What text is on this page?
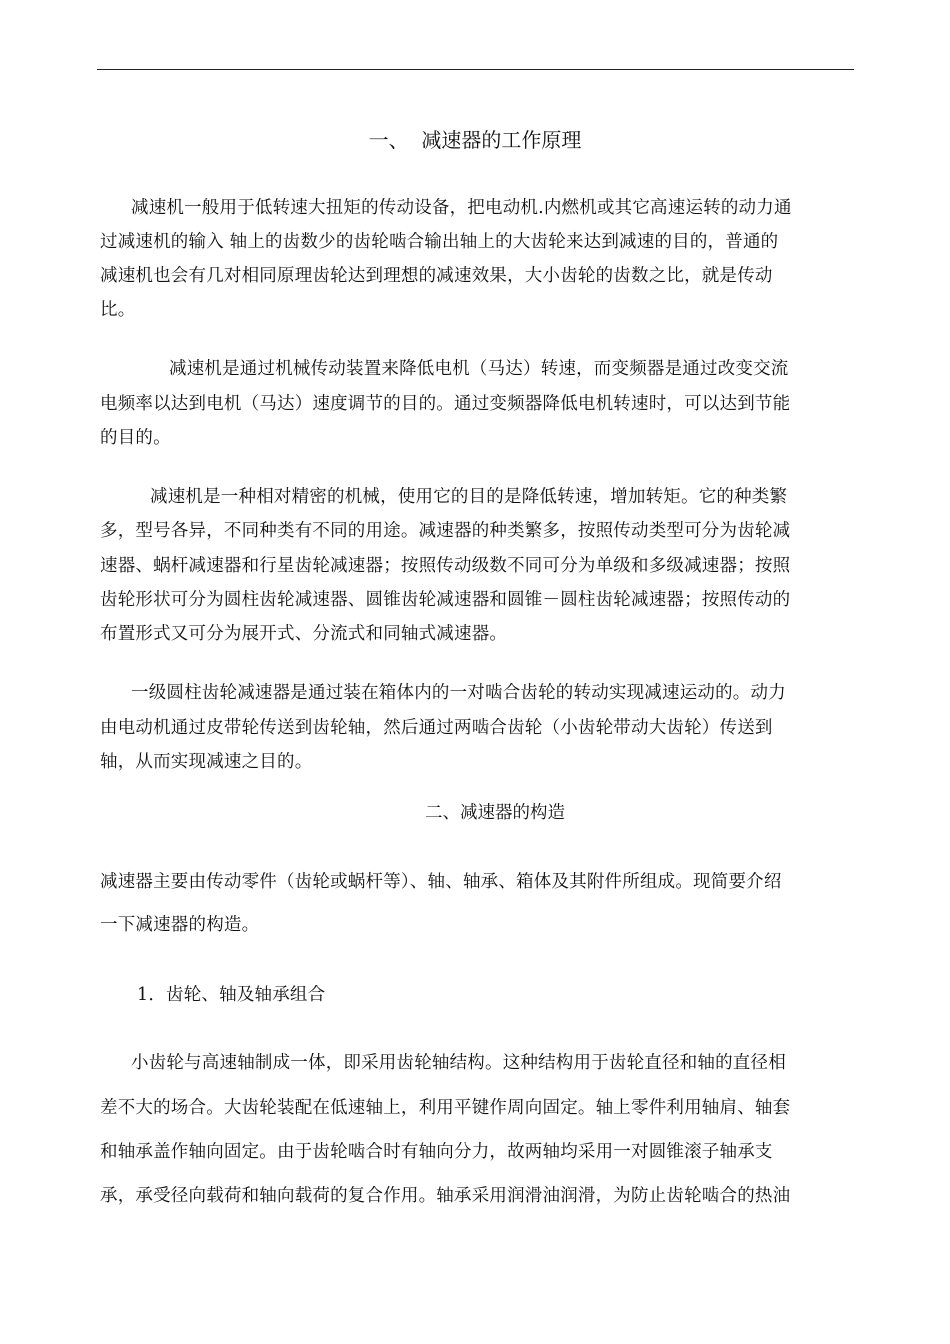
一、  减速器的工作原理
减速机一般用于低转速大扭矩的传动设备，把电动机.内燃机或其它高速运转的动力通
过减速机的输入 轴上的齿数少的齿轮啮合输出轴上的大齿轮来达到减速的目的，普通的
减速机也会有几对相同原理齿轮达到理想的减速效果，大小齿轮的齿数之比，就是传动
比。
减速机是通过机械传动装置来降低电机（马达）转速，而变频器是通过改变交流
电频率以达到电机（马达）速度调节的目的。通过变频器降低电机转速时，可以达到节能
的目的。
减速机是一种相对精密的机械，使用它的目的是降低转速，增加转矩。它的种类繁
多，型号各异，不同种类有不同的用途。减速器的种类繁多，按照传动类型可分为齿轮减
速器、蜗杆减速器和行星齿轮减速器；按照传动级数不同可分为单级和多级减速器；按照
齿轮形状可分为圆柱齿轮减速器、圆锥齿轮减速器和圆锥－圆柱齿轮减速器；按照传动的
布置形式又可分为展开式、分流式和同轴式减速器。
一级圆柱齿轮减速器是通过装在箱体内的一对啮合齿轮的转动实现减速运动的。动力
由电动机通过皮带轮传送到齿轮轴，然后通过两啮合齿轮（小齿轮带动大齿轮）传送到
轴，从而实现减速之目的。
二、减速器的构造
减速器主要由传动零件（齿轮或蜗杆等）、轴、轴承、箱体及其附件所组成。现简要介绍
一下减速器的构造。
1．齿轮、轴及轴承组合
小齿轮与高速轴制成一体，即采用齿轮轴结构。这种结构用于齿轮直径和轴的直径相
差不大的场合。大齿轮装配在低速轴上，利用平键作周向固定。轴上零件利用轴肩、轴套
和轴承盖作轴向固定。由于齿轮啮合时有轴向分力，故两轴均采用一对圆锥滚子轴承支
承，承受径向载荷和轴向载荷的复合作用。轴承采用润滑油润滑，为防止齿轮啮合的热油
